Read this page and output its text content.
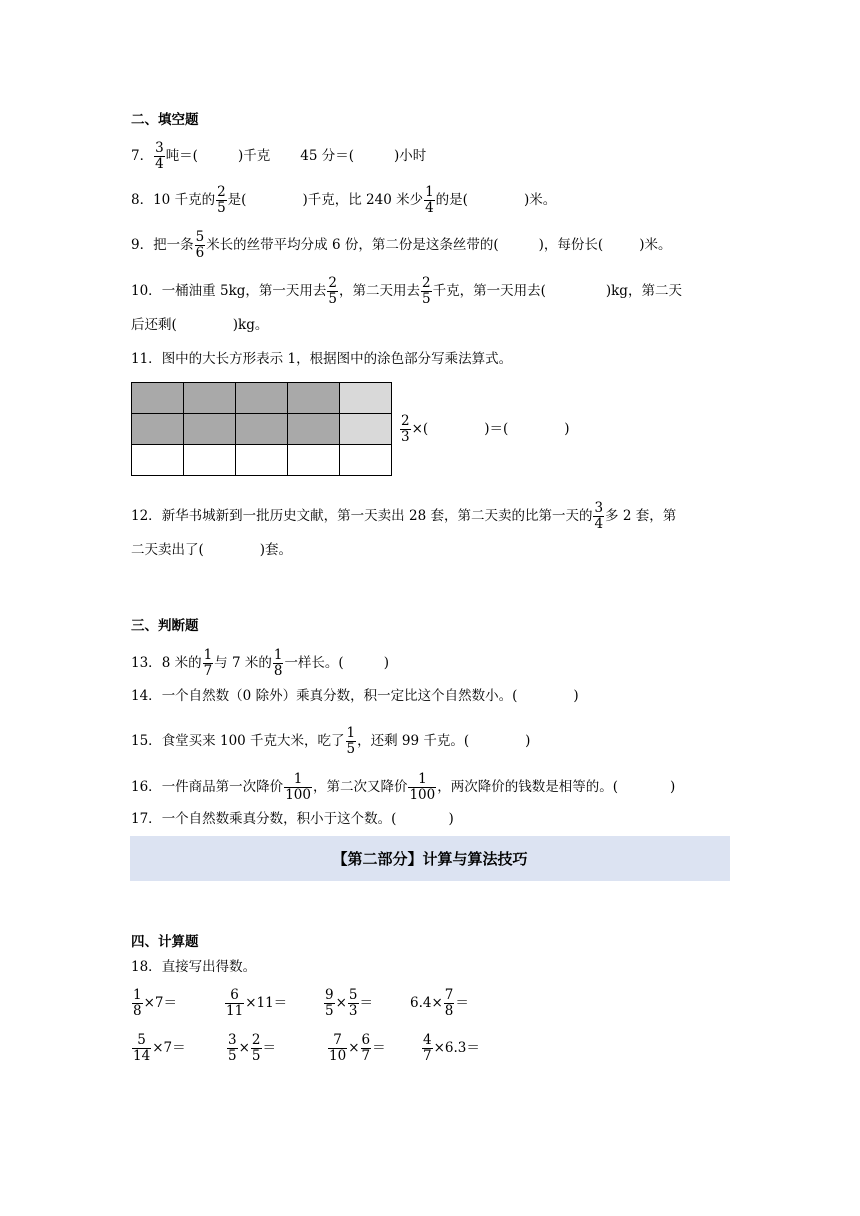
二、填空题
7． $\frac{3}{4}$ 吨＝(	)千克 45 分＝(	)小时
8．10 千克的 $\frac{2}{5}$ 是(	)千克，比 240 米少 $\frac{1}{4}$ 的是(	)米。
9．把一条 $\frac{5}{6}$ 米长的丝带平均分成 6 份，第二份是这条丝带的(	)，每份长(	)米。
10．一桶油重 5kg，第一天用去 $\frac{2}{5}$ ，第二天用去 $\frac{2}{5}$ 千克，第一天用去(	)kg，第二天
后还剩(	)kg。
11．图中的大长方形表示 1，根据图中的涂色部分写乘法算式。

$\frac{2}{3}$ ×(	)＝(	)
12．新华书城新到一批历史文献，第一天卖出 28 套，第二天卖的比第一天的 $\frac{3}{4}$ 多 2 套，第
二天卖出了(	)套。
三、判断题
13．8 米的 $\frac{1}{7}$ 与 7 米的 $\frac{1}{8}$ 一样长。(	)
14．一个自然数（0 除外）乘真分数，积一定比这个自然数小。(	)
15．食堂买来 100 千克大米，吃了 $\frac{1}{5}$ ，还剩 99 千克。(	)
16．一件商品第一次降价 $\frac{1}{100}$ ，第二次又降价 $\frac{1}{100}$ ，两次降价的钱数是相等的。(	)
17．一个自然数乘真分数，积小于这个数。(	)
【第二部分】计算与算法技巧
四、计算题
18．直接写出得数。
$\frac{1}{8} \times 7=$	$\frac{6}{11} \times 11=$	$\frac{9}{5} \times \frac{5}{3}$ ＝	$6.4\times \frac{7}{8}$ ＝
$\frac{5}{14} \times 7=$	$\frac{3}{5} \times \frac{2}{5}$ ＝	$\frac{7}{10} \times \frac{6}{7}$ ＝	$\frac{4}{7} \times 6.3=$
